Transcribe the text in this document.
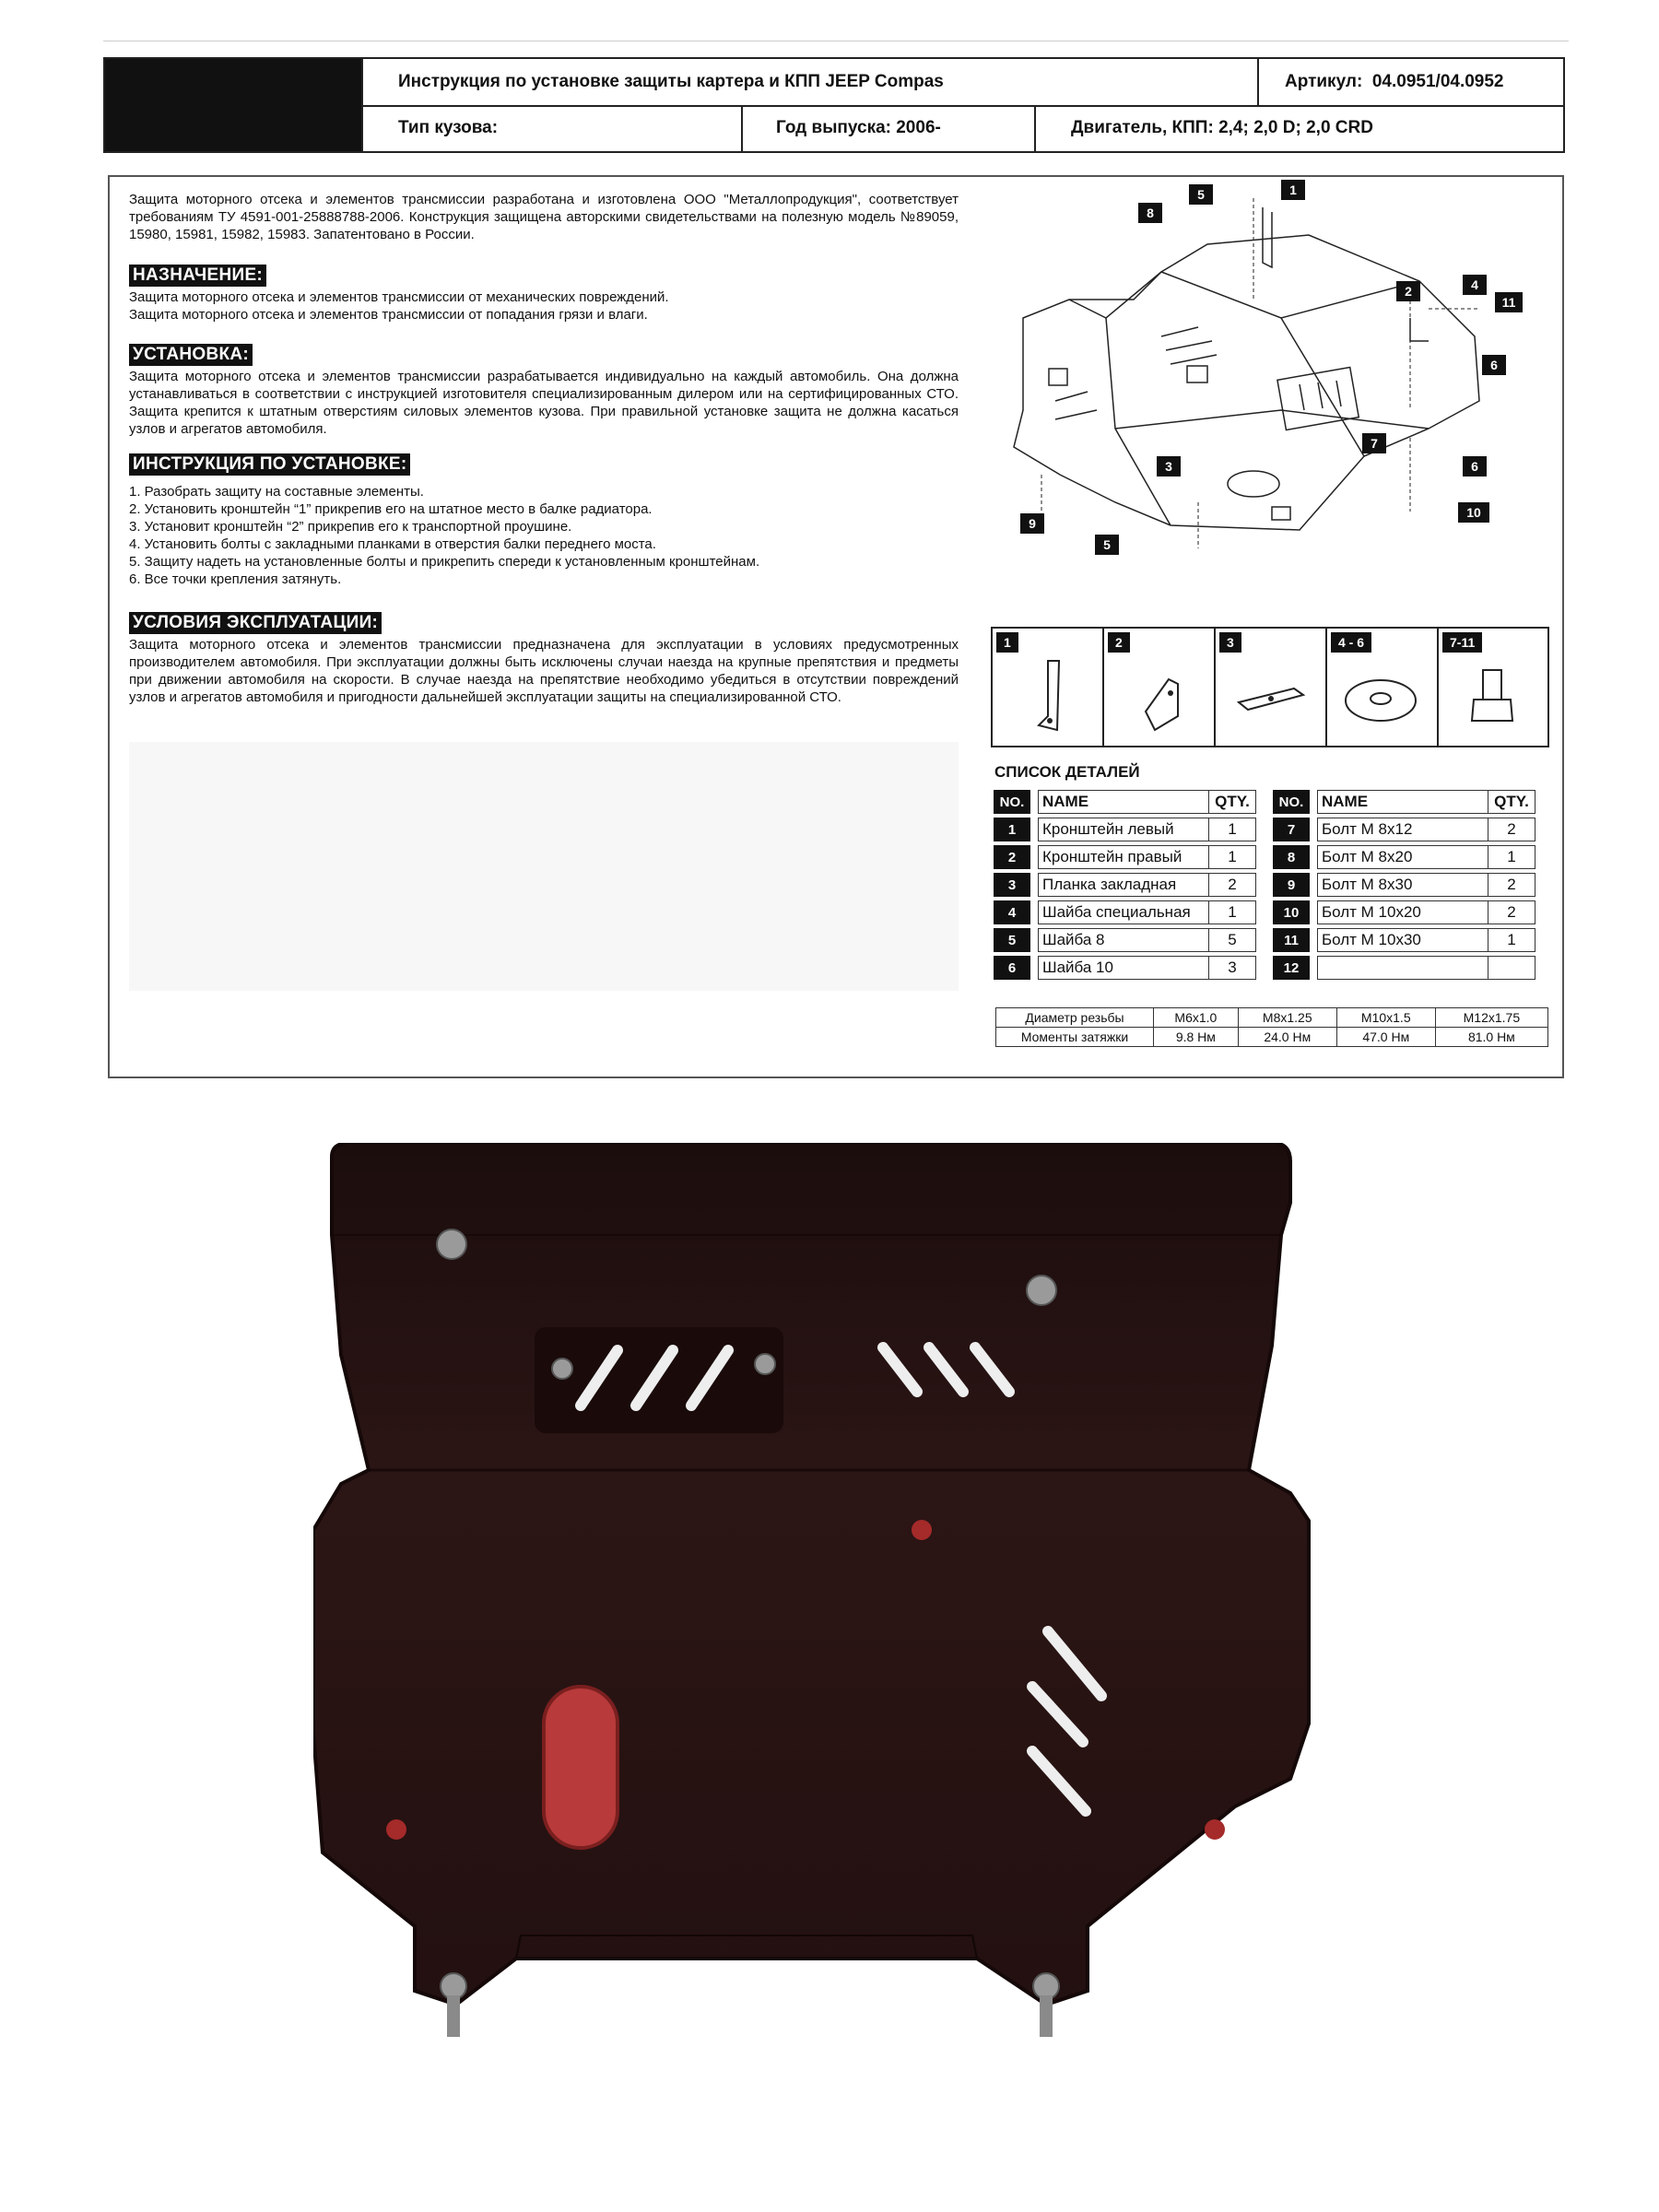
Инструкция по установке защиты картера и КПП JEEP Compas	Артикул:
04.0951/04.0952
Тип кузова:	Год выпуска: 2006-	Двигатель, КПП: 2,4; 2,0 D; 2,0 CRD
Защита моторного отсека и элементов трансмиссии разработана и изготовлена ООО "Металлопродукция", соответствует требованиям ТУ 4591-001-25888788-2006. Конструкция защищена авторскими свидетельствами на полезную модель №89059, 15980, 15981, 15982, 15983. Запатентовано в России.
НАЗНАЧЕНИЕ:
Защита моторного отсека и элементов трансмиссии от механических повреждений.
Защита моторного отсека и элементов трансмиссии от попадания грязи и влаги.
УСТАНОВКА:
Защита моторного отсека и элементов трансмиссии разрабатывается индивидуально на каждый автомобиль. Она должна устанавливаться в соответствии с инструкцией изготовителя специализированным дилером или на сертифицированных СТО. Защита крепится к штатным отверстиям силовых элементов кузова. При правильной установке защита не должна касаться узлов и агрегатов автомобиля.
ИНСТРУКЦИЯ ПО УСТАНОВКЕ:
1. Разобрать защиту на составные элементы.
2. Установить кронштейн “1” прикрепив его на штатное место в балке радиатора.
3. Установит кронштейн “2” прикрепив его к транспортной проушине.
4. Установить болты с закладными планками в отверстия балки переднего моста.
5. Защиту надеть на установленные болты и прикрепить спереди к установленным кронштейнам.
6. Все точки крепления затянуть.
УСЛОВИЯ ЭКСПЛУАТАЦИИ:
Защита моторного отсека и элементов трансмиссии предназначена для эксплуатации в условиях предусмотренных производителем автомобиля. При эксплуатации должны быть исключены случаи наезда на крупные препятствия и предметы при движении автомобиля на скорости. В случае наезда на препятствие необходимо убедиться в отсутствии повреждений узлов и агрегатов автомобиля и пригодности дальнейшей эксплуатации защиты на специализированной СТО.
1
2
3
4
5
5
6
6
7
8
9
10
11
1	2	3	4 - 6	7-11
СПИСОК ДЕТАЛЕЙ
NO.		NAME	QTY.
1		Кронштейн левый	1
2		Кронштейн правый	1
3		Планка закладная	2
4		Шайба специальная	1
5		Шайба 8	5
6		Шайба 10	3
NO.		NAME	QTY.
7		Болт М 8х12	2
8		Болт М 8х20	1
9		Болт М 8х30	2
10		Болт М 10х20	2
11		Болт М 10х30	1
12			
Диаметр резьбы	M6x1.0	M8x1.25	M10x1.5	M12x1.75
Моменты затяжки	9.8 Нм	24.0 Нм	47.0 Нм	81.0 Нм
